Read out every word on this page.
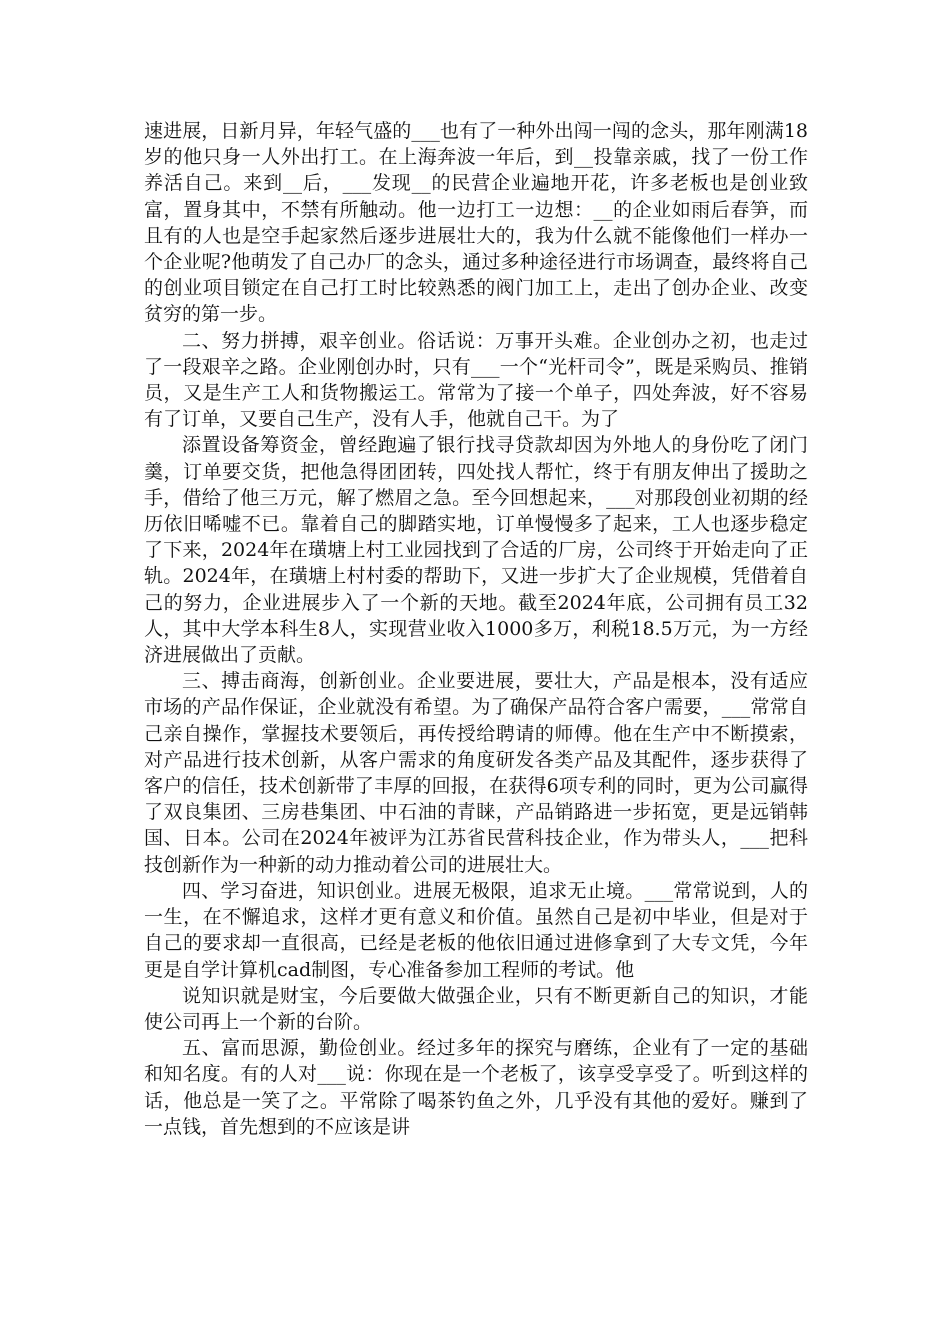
速进展，日新月异，年轻气盛的___也有了一种外出闯一闯的念头，那年刚满18岁的他只身一人外出打工。在上海奔波一年后，到__投靠亲戚，找了一份工作养活自己。来到__后，___发现__的民营企业遍地开花，许多老板也是创业致富，置身其中，不禁有所触动。他一边打工一边想：__的企业如雨后春笋，而且有的人也是空手起家然后逐步进展壮大的，我为什么就不能像他们一样办一个企业呢?他萌发了自己办厂的念头，通过多种途径进行市场调查，最终将自己的创业项目锁定在自己打工时比较熟悉的阀门加工上，走出了创办企业、改变贫穷的第一步。

二、努力拼搏，艰辛创业。俗话说：万事开头难。企业创办之初，也走过了一段艰辛之路。企业刚创办时，只有___一个“光杆司令”，既是采购员、推销员，又是生产工人和货物搬运工。常常为了接一个单子，四处奔波，好不容易有了订单，又要自己生产，没有人手，他就自己干。为了

添置设备筹资金，曾经跑遍了银行找寻贷款却因为外地人的身份吃了闭门羹，订单要交货，把他急得团团转，四处找人帮忙，终于有朋友伸出了援助之手，借给了他三万元，解了燃眉之急。至今回想起来，___对那段创业初期的经历依旧唏嘘不已。靠着自己的脚踏实地，订单慢慢多了起来，工人也逐步稳定了下来，2024年在璜塘上村工业园找到了合适的厂房，公司终于开始走向了正轨。2024年，在璜塘上村村委的帮助下，又进一步扩大了企业规模，凭借着自己的努力，企业进展步入了一个新的天地。截至2024年底，公司拥有员工32人，其中大学本科生8人，实现营业收入1000多万，利税18.5万元，为一方经济进展做出了贡献。

三、搏击商海，创新创业。企业要进展，要壮大，产品是根本，没有适应市场的产品作保证，企业就没有希望。为了确保产品符合客户需要，___常常自己亲自操作，掌握技术要领后，再传授给聘请的师傅。他在生产中不断摸索，对产品进行技术创新，从客户需求的角度研发各类产品及其配件，逐步获得了客户的信任，技术创新带了丰厚的回报，在获得6项专利的同时，更为公司赢得了双良集团、三房巷集团、中石油的青睐，产品销路进一步拓宽，更是远销韩国、日本。公司在2024年被评为江苏省民营科技企业，作为带头人，___把科技创新作为一种新的动力推动着公司的进展壮大。

四、学习奋进，知识创业。进展无极限，追求无止境。___常常说到，人的一生，在不懈追求，这样才更有意义和价值。虽然自己是初中毕业，但是对于自己的要求却一直很高，已经是老板的他依旧通过进修拿到了大专文凭，今年更是自学计算机cad制图，专心准备参加工程师的考试。他

说知识就是财宝，今后要做大做强企业，只有不断更新自己的知识，才能使公司再上一个新的台阶。

五、富而思源，勤俭创业。经过多年的探究与磨练，企业有了一定的基础和知名度。有的人对___说：你现在是一个老板了，该享受享受了。听到这样的话，他总是一笑了之。平常除了喝茶钓鱼之外，几乎没有其他的爱好。赚到了一点钱，首先想到的不应该是讲
